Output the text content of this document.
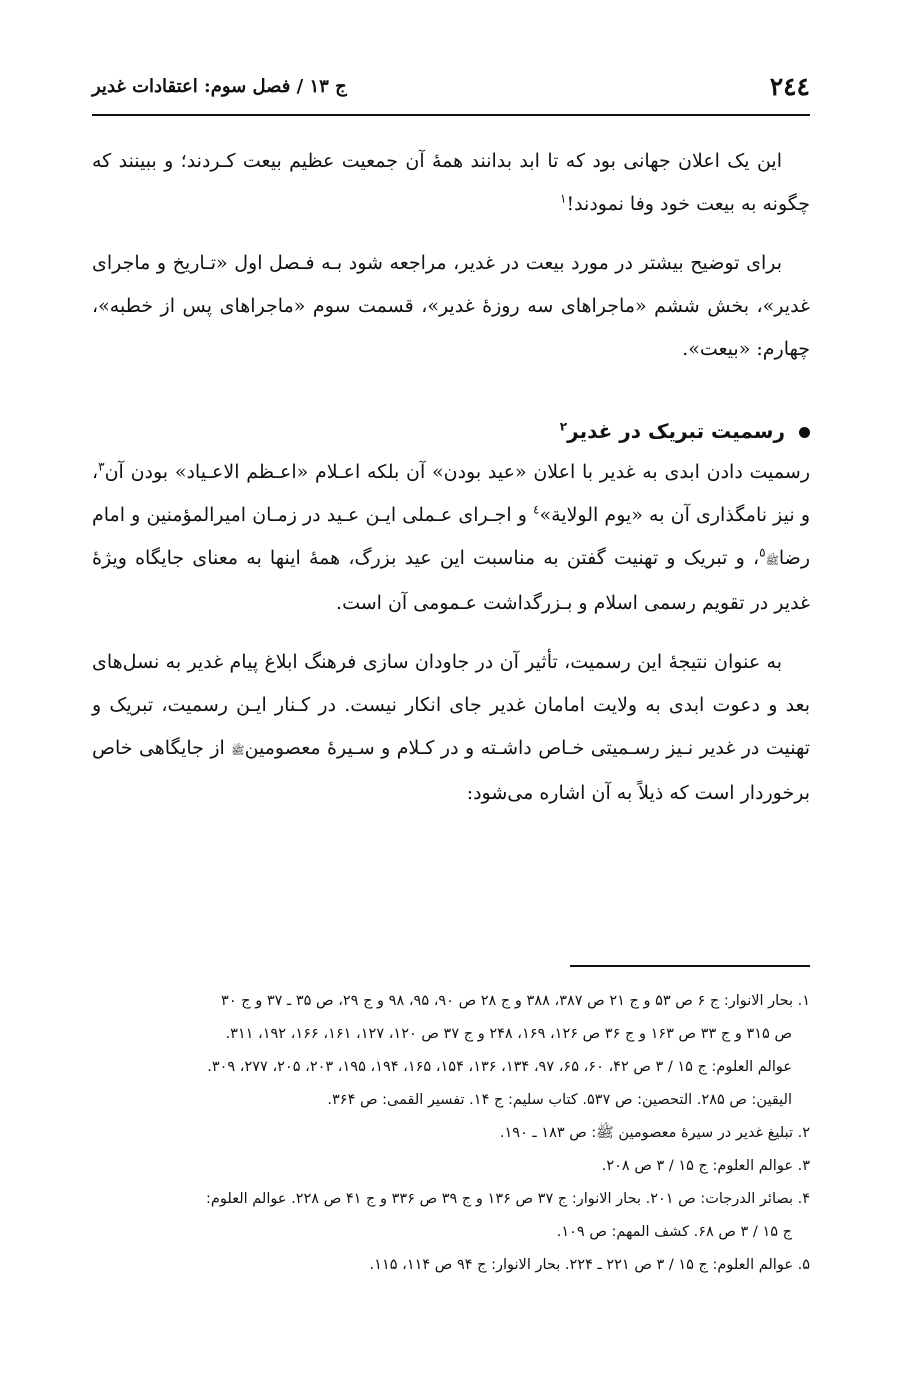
٢٤٤
ج ١٣ / فصل سوم: اعتقادات غدیر

این یک اعلان جهانی بود که تا ابد بدانند همۀ آن جمعیت عظیم بیعت کـردند؛ و ببینند که چگونه به بیعت خود وفا نمودند!$^١$

برای توضیح بیشتر در مورد بیعت در غدیر، مراجعه شود بـه فـصل اول «تـاریخ و ماجرای غدیر»، بخش ششم «ماجراهای سه روزۀ غدیر»، قسمت سوم «ماجراهای پس از خطبه»، چهارم: «بیعت».

رسمیت تبریک در غدیر$^٢$

رسمیت دادن ابدی به غدیر با اعلان «عید بودن» آن بلکه اعـلام «اعـظم الاعـیاد» بودن آن$^٣$، و نیز نامگذاری آن به «یوم الولایة»$^٤$ و اجـرای عـملی ایـن عـید در زمـان امیرالمؤمنین و امام رضاﷺ$^٥$، و تبریک و تهنیت گفتن به مناسبت این عید بزرگ، همۀ اینها به معنای جایگاه ویژۀ غدیر در تقویم رسمی اسلام و بـزرگداشت عـمومی آن است.

به عنوان نتیجۀ این رسمیت، تأثیر آن در جاودان سازی فرهنگ ابلاغ پیام غدیر به نسل‌های بعد و دعوت ابدی به ولایت امامان غدیر جای انکار نیست. در کـنار ایـن رسمیت، تبریک و تهنیت در غدیر نـیز رسـمیتی خـاص داشـته و در کـلام و سـیرۀ معصومینﷺ از جایگاهی خاص برخوردار است که ذیلاً به آن اشاره می‌شود:

١. بحار الانوار: ج ۶ ص ۵٣ و ج ٢١ ص ٣٨٧، ٣٨٨ و ج ٢٨ ص ٩٠، ٩۵، ٩٨ و ج ٢٩، ص ٣۵ ـ ٣٧ و ج ٣٠
ص ٣١۵ و ج ٣٣ ص ١۶٣ و ج ٣۶ ص ١٢۶، ١۶٩، ٢۴٨ و ج ٣٧ ص ١٢٠، ١٢٧، ١۶١، ١۶۶، ١٩٢، ٣١١.
عوالم العلوم: ج ١۵ / ٣ ص ۴٢، ۶٠، ۶۵، ٩٧، ١٣۴، ١٣۶، ١۵۴، ١۶۵، ١٩۴، ١٩۵، ٢٠٣، ٢٠۵، ٢٧٧، ٣٠٩.
الیقین: ص ٢٨۵. التحصین: ص ۵٣٧. کتاب سلیم: ج ١۴. تفسیر القمی: ص ٣۶۴.

٢. تبلیغ غدیر در سیرۀ معصومین ﷺ: ص ١٨٣ ـ ١٩٠.

٣. عوالم العلوم: ج ١۵ / ٣ ص ٢٠٨.

۴. بصائر الدرجات: ص ٢٠١. بحار الانوار: ج ٣٧ ص ١٣۶ و ج ٣٩ ص ٣٣۶ و ج ۴١ ص ٢٢٨. عوالم العلوم:
ج ١۵ / ٣ ص ۶٨. کشف المهم: ص ١٠٩.

۵. عوالم العلوم: ج ١۵ / ٣ ص ٢٢١ ـ ٢٢۴. بحار الانوار: ج ٩۴ ص ١١۴، ١١۵.
